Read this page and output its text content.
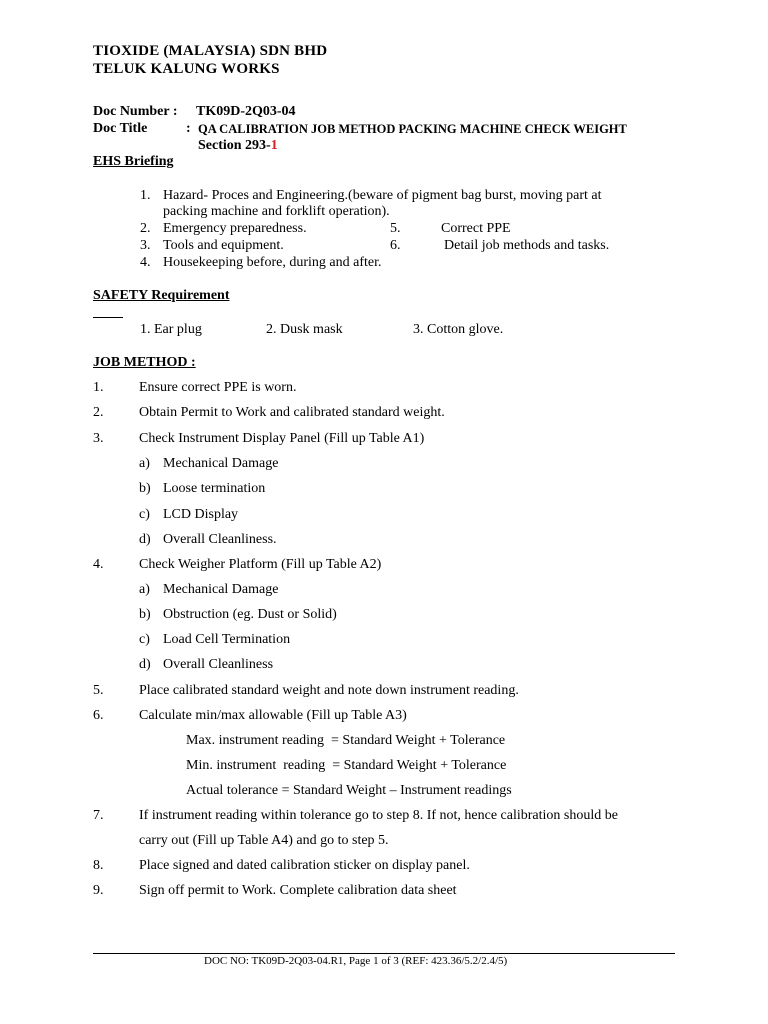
TIOXIDE (MALAYSIA) SDN BHD
TELUK KALUNG WORKS
Doc Number : TK09D-2Q03-04
Doc Title	: QA CALIBRATION JOB METHOD PACKING MACHINE CHECK WEIGHT
Section 293-1
EHS Briefing
1. Hazard- Proces and Engineering.(beware of pigment bag burst, moving part at
packing machine and forklift operation).
2. Emergency preparedness.	5.	Correct PPE
3. Tools and equipment.	6.	Detail job methods and tasks.
4. Housekeeping before, during and after.
SAFETY Requirement
1. Ear plug	2. Dusk mask	3. Cotton glove.
JOB METHOD :
1.	Ensure correct PPE is worn.
2.	Obtain Permit to Work and calibrated standard weight.
3.	Check Instrument Display Panel (Fill up Table A1)
a) Mechanical Damage
b) Loose termination
c) LCD Display
d) Overall Cleanliness.
4.	Check Weigher Platform (Fill up Table A2)
a) Mechanical Damage
b) Obstruction (eg. Dust or Solid)
c) Load Cell Termination
d) Overall Cleanliness
5.	Place calibrated standard weight and note down instrument reading.
6.	Calculate min/max allowable (Fill up Table A3)
Max. instrument reading  = Standard Weight + Tolerance
Min. instrument  reading  = Standard Weight + Tolerance
Actual tolerance = Standard Weight – Instrument readings
7.	If instrument reading within tolerance go to step 8. If not, hence calibration should be
carry out (Fill up Table A4) and go to step 5.
8.	Place signed and dated calibration sticker on display panel.
9.	Sign off permit to Work. Complete calibration data sheet
DOC NO: TK09D-2Q03-04.R1, Page 1 of 3 (REF: 423.36/5.2/2.4/5)
